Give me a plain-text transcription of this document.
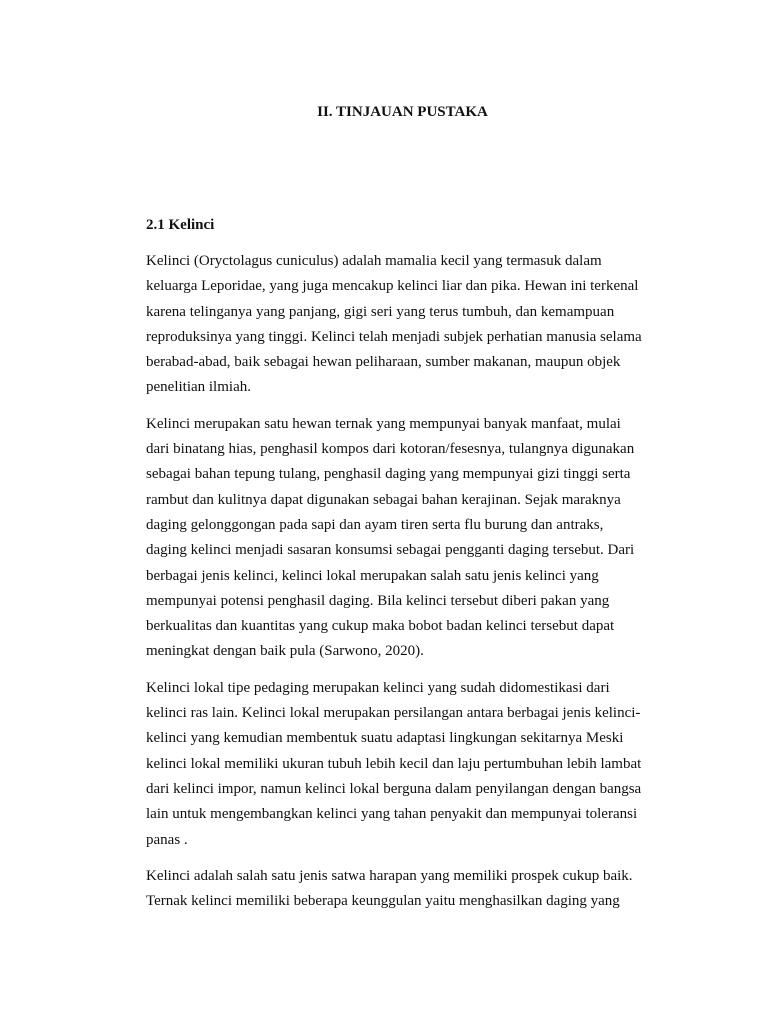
II. TINJAUAN PUSTAKA
2.1 Kelinci

Kelinci (Oryctolagus cuniculus) adalah mamalia kecil yang termasuk dalam
keluarga Leporidae, yang juga mencakup kelinci liar dan pika. Hewan ini terkenal
karena telinganya yang panjang, gigi seri yang terus tumbuh, dan kemampuan
reproduksinya yang tinggi. Kelinci telah menjadi subjek perhatian manusia selama
berabad-abad, baik sebagai hewan peliharaan, sumber makanan, maupun objek
penelitian ilmiah.

Kelinci merupakan satu hewan ternak yang mempunyai banyak manfaat, mulai
dari binatang hias, penghasil kompos dari kotoran/fesesnya, tulangnya digunakan
sebagai bahan tepung tulang, penghasil daging yang mempunyai gizi tinggi serta
rambut dan kulitnya dapat digunakan sebagai bahan kerajinan. Sejak maraknya
daging gelonggongan pada sapi dan ayam tiren serta flu burung dan antraks,
daging kelinci menjadi sasaran konsumsi sebagai pengganti daging tersebut. Dari
berbagai jenis kelinci, kelinci lokal merupakan salah satu jenis kelinci yang
mempunyai potensi penghasil daging. Bila kelinci tersebut diberi pakan yang
berkualitas dan kuantitas yang cukup maka bobot badan kelinci tersebut dapat
meningkat dengan baik pula (Sarwono, 2020).

Kelinci lokal tipe pedaging merupakan kelinci yang sudah didomestikasi dari
kelinci ras lain. Kelinci lokal merupakan persilangan antara berbagai jenis kelinci-
kelinci yang kemudian membentuk suatu adaptasi lingkungan sekitarnya Meski
kelinci lokal memiliki ukuran tubuh lebih kecil dan laju pertumbuhan lebih lambat
dari kelinci impor, namun kelinci lokal berguna dalam penyilangan dengan bangsa
lain untuk mengembangkan kelinci yang tahan penyakit dan mempunyai toleransi
panas .

Kelinci adalah salah satu jenis satwa harapan yang memiliki prospek cukup baik.
Ternak kelinci memiliki beberapa keunggulan yaitu menghasilkan daging yang
